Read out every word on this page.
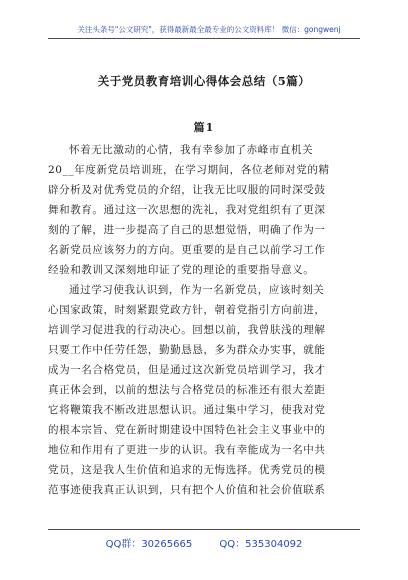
关注头条号"公文研究"，获得最新最全最专业的公文资料库！ 微信：gongwenj
关于党员教育培训心得体会总结（5篇）
篇1
怀着无比激动的心情，我有幸参加了赤峰市直机关
20__年度新党员培训班，在学习期间，各位老师对党的精
辟分析及对优秀党员的介绍，让我无比叹服的同时深受鼓
舞和教育。通过这一次思想的洗礼，我对党组织有了更深
刻的了解，进一步提高了自己的思想觉悟，明确了作为一
名新党员应该努力的方向。更重要的是自己以前学习工作
经验和教训又深刻地印证了党的理论的重要指导意义。
通过学习使我认识到，作为一名新党员，应该时刻关
心国家政策，时刻紧跟党政方针，朝着党指引方向前进，
培训学习促进我的行动决心。回想以前，我曾肤浅的理解
只要工作中任劳任怨，勤勤恳恳，多为群众办实事，就能
成为一名合格党员，但是通过这次新党员培训学习，我才
真正体会到，以前的想法与合格党员的标准还有很大差距
它将鞭策我不断改进思想认识。通过集中学习，使我对党
的根本宗旨、党在新时期建设中国特色社会主义事业中的
地位和作用有了更进一步的认识。我有幸能成为一名中共
党员，这是我人生价值和追求的无悔选择。优秀党员的模
范事迹使我真正认识到，只有把个人价值和社会价值联系
QQ群：30265665	QQ：535304092
